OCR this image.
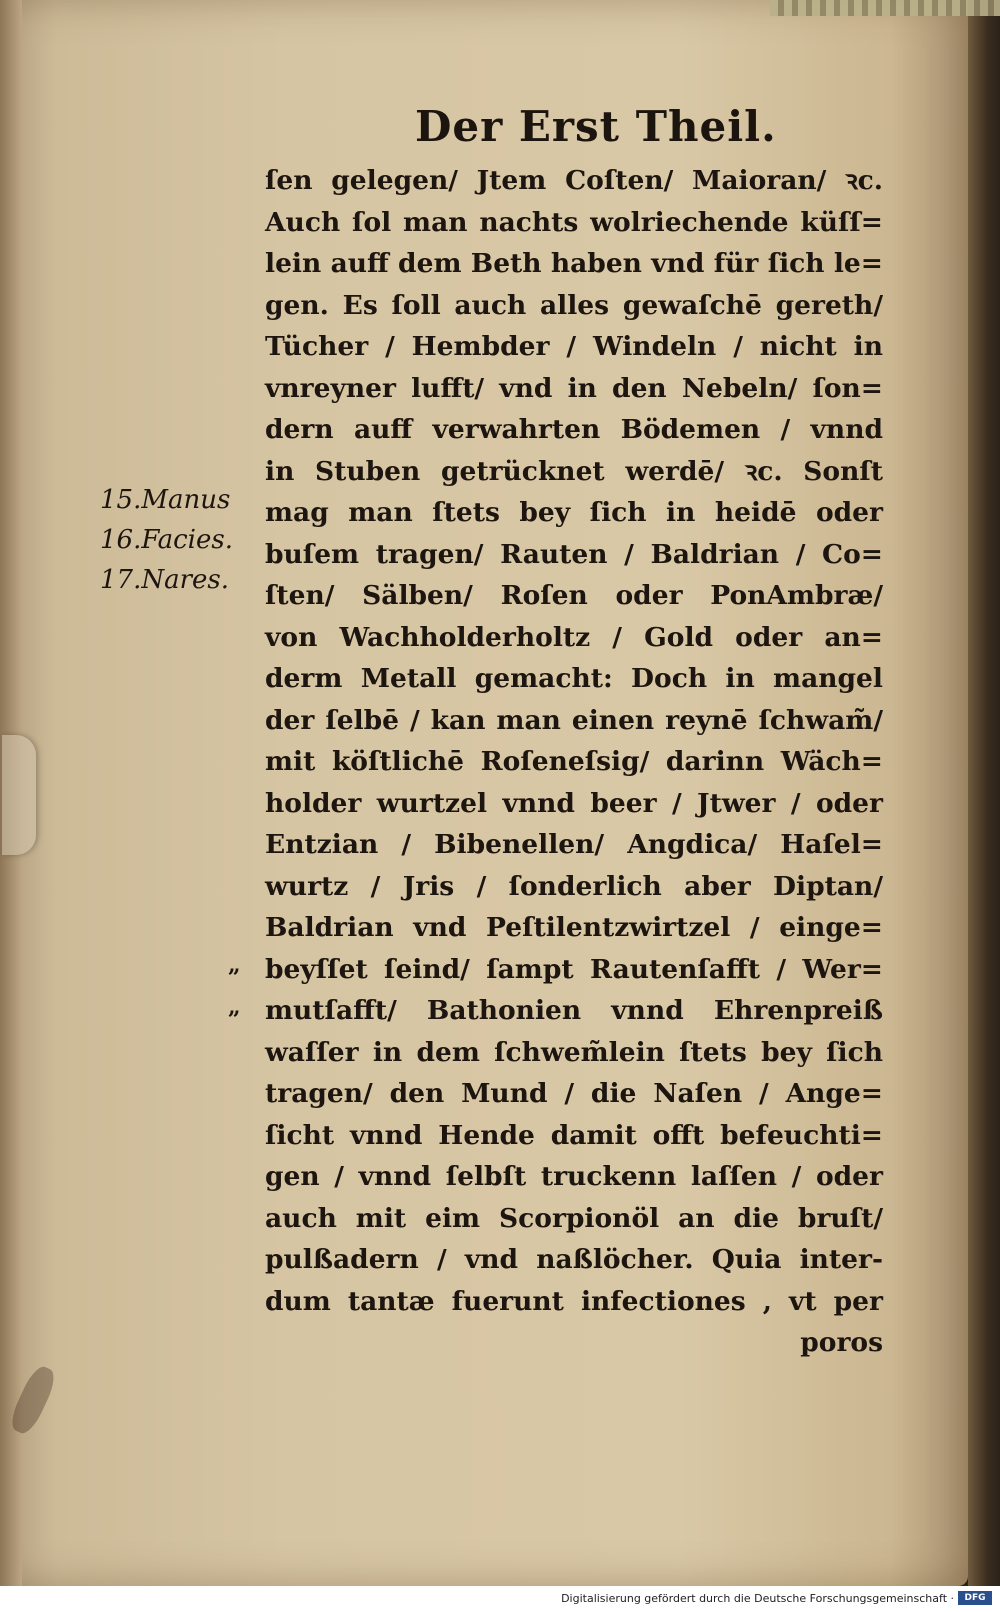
Der Erst Theil.
15.Manus
16.Facies.
17.Nares.
„
„
ſen gelegen/ Jtem Coſten/ Maioran/ ꝛc.
Auch ſol man nachts wolriechende küſſ=
lein auff dem Beth haben vnd für ſich le=
gen. Es ſoll auch alles gewaſchē gereth/
Tücher / Hembder / Windeln / nicht in
vnreyner lufft/ vnd in den Nebeln/ ſon=
dern auff verwahrten Bödemen / vnnd
in Stuben getrücknet werdē/ ꝛc. Sonſt
mag man ſtets bey ſich in heidē oder
buſem tragen/ Rauten / Baldrian / Co=
ſten/ Sälben/ Roſen oder PonAmbræ/
von Wachholderholtz / Gold oder an=
derm Metall gemacht: Doch in mangel
der ſelbē / kan man einen reynē ſchwam̃/
mit köſtlichē Roſeneſsig/ darinn Wäch=
holder wurtzel vnnd beer / Jtwer / oder
Entzian / Bibenellen/ Angdica/ Haſel=
wurtz / Jris / ſonderlich aber Diptan/
Baldrian vnd Peſtilentzwirtzel / einge=
beyſſet ſeind/ ſampt Rautenſafft / Wer=
mutſafft/ Bathonien vnnd Ehrenpreiß
waſſer in dem ſchwem̃lein ſtets bey ſich
tragen/ den Mund / die Naſen / Ange=
ſicht vnnd Hende damit offt befeuchti=
gen / vnnd ſelbſt truckenn laſſen / oder
auch mit eim Scorpionöl an die bruſt/
pulßadern / vnd naßlöcher. Quia inter-
dum tantæ fuerunt infectiones , vt per
poros
Digitalisierung gefördert durch die Deutsche Forschungsgemeinschaft ·	DFG
